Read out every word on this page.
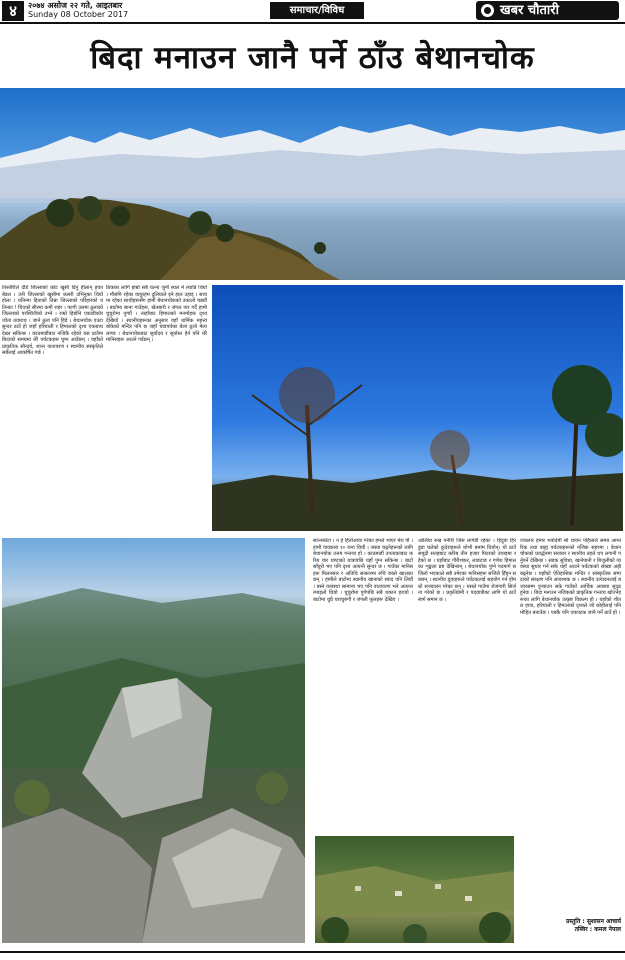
४	२०७४ असोज २२ गते, आइतबार
Sunday 08 October 2017	समाचार/विविध	खबर चौतारी
बिदा मनाउन जानै पर्ने ठाँउ बेथानचोक
तिस्तौरीले दीडे जिल्लाको कोट खुसी दिनु हीलान् हवत बेडल । उनी जिल्लाको खुसीमा कसरी उभिनुका थियो होला । यतिन्मा हिताको तिन्ना जिल्लाको परिहारको यतिन्का ! थिएको सीरमा कमी शहर । फागी उलमा ठुलाको जिल्लाको परस्थितीको उभ्ने । राम्रो हिडोनि एकाडीकोर जोता तयाराथ । जाने ठुला पनि हिडे । बेथानचोक एउटा सुन्दर ठाउँ हो जहाँ हरियाली र हिमालको दृश्य एकसाथ देख्न सकिन्छ । काठमाडौंबाट नजिकै रहेको यस ठाउँमा बिदाको समयमा धेरै पर्यटकहरू घुम्न आउँछन् । यहाँको प्राकृतिक सौन्दर्य, शान्त वातावरण र स्थानीय संस्कृतिले सबैलाई आकर्षित गर्छ ।
ठिकका लागि हाम्रो सबै चल्ना जुनी स्थल मे ल्याप्रि थियो । मौसमि रहेका वायुरहम दुलियाले इने हाल उहाइ । साथमा रहेका साथीहरूसँग हामी बेथानचोकको उकालो चढ्यौं । बाटोमा साना गाउँहरू, खेतबारी र जंगल पार गर्दै हामी चुचुरोमा पुग्यौं । त्यहाँबाट हिमालको मनमोहक दृश्य देखियो । स्थानीयहरूका अनुसार यहाँ धार्मिक महत्त्व बोकेको मन्दिर पनि छ जहाँ चाडपर्वका बेला ठूलो मेला लाग्छ । बेथानचोकबाट सूर्योदय र सूर्यास्त हेर्न पनि धेरै मानिसहरू आउने गर्दछन् ।
सात्नकोटा । न हे हितोआवा गरेका हमले भाएर मेरा पौ । हामी पावकारा १० जना थियौं । जस्ता चढ्नेहरूको लागि बेथानचोक उत्तम गन्तव्य हो । काठमाडौं उपत्यकाबाट करिब चार घण्टाको यात्रापछि यहाँ पुग्न सकिन्छ । बाटो साँघुरो भए पनि दृश्य अत्यन्तै सुन्दर छ । गाउँका मानिसहरू मिलनसार र अतिथि सत्कारमा रुचि राख्ने खालका छन् । हामीले बाटोमा स्थानीय खानाको स्वाद पनि लियौं । बस्ने व्यवस्था सामान्य भए पनि वातावरण भने अत्यन्त रमाइलो थियो । चुचुरोमा पुगेपछि सबै थकान हरायो । बाटोमा थुप्रै चराचुरुंगी र जंगली फूलहरू देखिए ।
आलिया रुख पनीरी जिस लागेडी रहेका । हिदुवा हिरडुडा चलेको कुदेराहरूले शोभी बमाम थियोन्। यो ठाउँ समुद्री सतहबाट करिब तीन हजार मिटरको उचाइमा रहेको छ । यहाँबाट गौरीशंकर, लाङटाङ र गणेश हिमालका शृङ्खला प्रष्ट देखिन्छन् । बेथानचोक पुग्ने पदमार्ग सजिलो भएकाले सबै उमेरका मानिसहरू सजिलै हिँड्न सक्छन् । स्थानीय युवाहरूले पर्यटकलाई सहयोग गर्न होमस्टे सञ्चालन गरेका छन् । यसले गाउँमा रोजगारी सिर्जना गरेको छ । प्रकृतिप्रेमी र पदयात्रीका लागि यो ठाउँ स्वर्ग समान छ ।
ज्यालार हमार भवोदेमी सो थायन पहिलाले समय आम्तरिक तथा बाह्य पर्यटकहरूको नजिक सहरमा । बेथानचोकको प्रवर्द्धनमा सरकार र स्थानीय तहले थप लगानी गर्नुपर्ने देखिन्छ । सडक सुविधा, खानेपानी र बिजुलीको व्यवस्था सुधार गर्न सके यहाँ आउने पर्यटकको संख्या अझै बढ्नेछ । यहाँको ऐतिहासिक मन्दिर र सांस्कृतिक सम्पदाको संरक्षण पनि आवश्यक छ । स्थानीय उत्पादनलाई बजारसम्म पुर्‍याउन सके गाउँको आर्थिक अवस्था सुदृढ हुनेछ । बिदा मनाउन नजिकको प्राकृतिक गन्तव्य खोज्नेहरूका लागि बेथानचोक उत्कृष्ट विकल्प हो । यहाँको शीतल हावा, हरियाली र हिमालको दृश्यले जो कोहीलाई पनि मोहित बनाउँछ । पक्कै पनि एकपटक जानै पर्ने ठाउँ हो ।
प्रस्तुति : सुशासन आचार्य
तस्विर : कमल नेपाल
